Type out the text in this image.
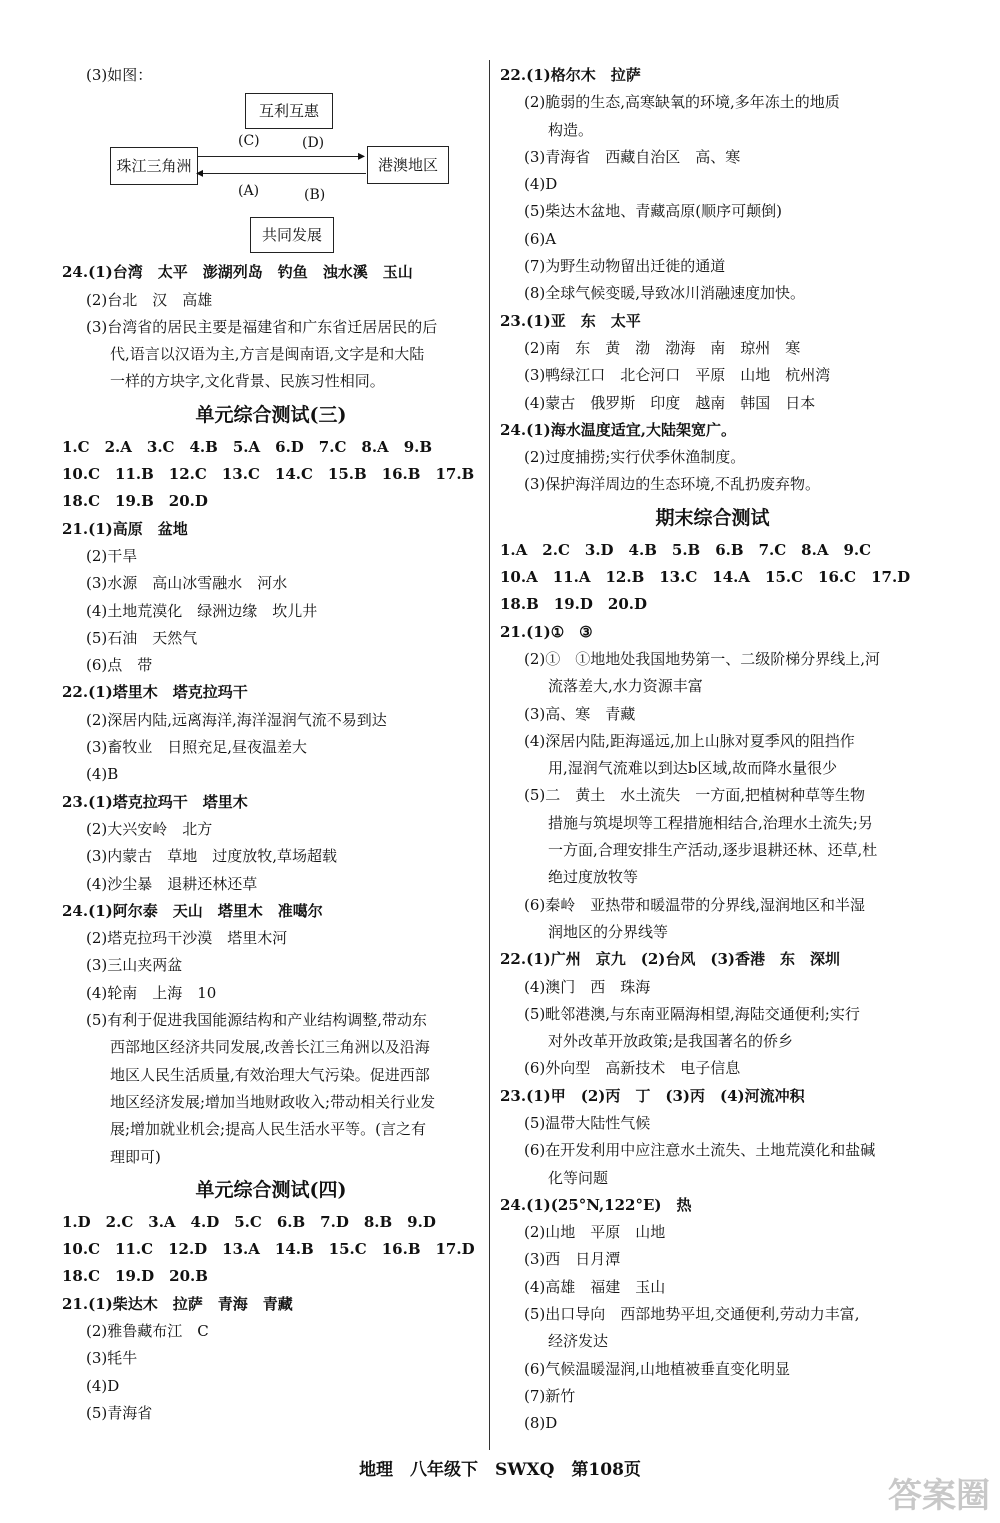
(3)如图：
互利互惠
珠江三角洲	港澳地区
共同发展
▸
◂
(C)	(D)
(A)	(B)
24.(1)台湾　太平　澎湖列岛　钓鱼　浊水溪　玉山
(2)台北　汉　高雄
(3)台湾省的居民主要是福建省和广东省迁居居民的后
代,语言以汉语为主,方言是闽南语,文字是和大陆
一样的方块字,文化背景、民族习性相同。
单元综合测试(三)
1.C　2.A　3.C　4.B　5.A　6.D　7.C　8.A　9.B
10.C　11.B　12.C　13.C　14.C　15.B　16.B　17.B
18.C　19.B　20.D
21.(1)高原　盆地
(2)干旱
(3)水源　高山冰雪融水　河水
(4)土地荒漠化　绿洲边缘　坎儿井
(5)石油　天然气
(6)点　带
22.(1)塔里木　塔克拉玛干
(2)深居内陆,远离海洋,海洋湿润气流不易到达
(3)畜牧业　日照充足,昼夜温差大
(4)B
23.(1)塔克拉玛干　塔里木
(2)大兴安岭　北方
(3)内蒙古　草地　过度放牧,草场超载
(4)沙尘暴　退耕还林还草
24.(1)阿尔泰　天山　塔里木　准噶尔
(2)塔克拉玛干沙漠　塔里木河
(3)三山夹两盆
(4)轮南　上海　10
(5)有利于促进我国能源结构和产业结构调整,带动东
西部地区经济共同发展,改善长江三角洲以及沿海
地区人民生活质量,有效治理大气污染。促进西部
地区经济发展;增加当地财政收入;带动相关行业发
展;增加就业机会;提高人民生活水平等。(言之有
理即可)
单元综合测试(四)
1.D　2.C　3.A　4.D　5.C　6.B　7.D　8.B　9.D
10.C　11.C　12.D　13.A　14.B　15.C　16.B　17.D
18.C　19.D　20.B
21.(1)柴达木　拉萨　青海　青藏
(2)雅鲁藏布江　C
(3)牦牛
(4)D
(5)青海省
22.(1)格尔木　拉萨
(2)脆弱的生态,高寒缺氧的环境,多年冻土的地质
构造。
(3)青海省　西藏自治区　高、寒
(4)D
(5)柴达木盆地、青藏高原(顺序可颠倒)
(6)A
(7)为野生动物留出迁徙的通道
(8)全球气候变暖,导致冰川消融速度加快。
23.(1)亚　东　太平
(2)南　东　黄　渤　渤海　南　琼州　寒
(3)鸭绿江口　北仑河口　平原　山地　杭州湾
(4)蒙古　俄罗斯　印度　越南　韩国　日本
24.(1)海水温度适宜,大陆架宽广。
(2)过度捕捞;实行伏季休渔制度。
(3)保护海洋周边的生态环境,不乱扔废弃物。
期末综合测试
1.A　2.C　3.D　4.B　5.B　6.B　7.C　8.A　9.C
10.A　11.A　12.B　13.C　14.A　15.C　16.C　17.D
18.B　19.D　20.D
21.(1)①　③
(2)①　①地地处我国地势第一、二级阶梯分界线上,河
流落差大,水力资源丰富
(3)高、寒　青藏
(4)深居内陆,距海遥远,加上山脉对夏季风的阻挡作
用,湿润气流难以到达b区域,故而降水量很少
(5)二　黄土　水土流失　一方面,把植树种草等生物
措施与筑堤坝等工程措施相结合,治理水土流失;另
一方面,合理安排生产活动,逐步退耕还林、还草,杜
绝过度放牧等
(6)秦岭　亚热带和暖温带的分界线,湿润地区和半湿
润地区的分界线等
22.(1)广州　京九　(2)台风　(3)香港　东　深圳
(4)澳门　西　珠海
(5)毗邻港澳,与东南亚隔海相望,海陆交通便利;实行
对外改革开放政策;是我国著名的侨乡
(6)外向型　高新技术　电子信息
23.(1)甲　(2)丙　丁　(3)丙　(4)河流冲积
(5)温带大陆性气候
(6)在开发利用中应注意水土流失、土地荒漠化和盐碱
化等问题
24.(1)(25°N,122°E)　热
(2)山地　平原　山地
(3)西　日月潭
(4)高雄　福建　玉山
(5)出口导向　西部地势平坦,交通便利,劳动力丰富,
经济发达
(6)气候温暖湿润,山地植被垂直变化明显
(7)新竹
(8)D
地理　八年级下　SWXQ　第108页
答案圈
